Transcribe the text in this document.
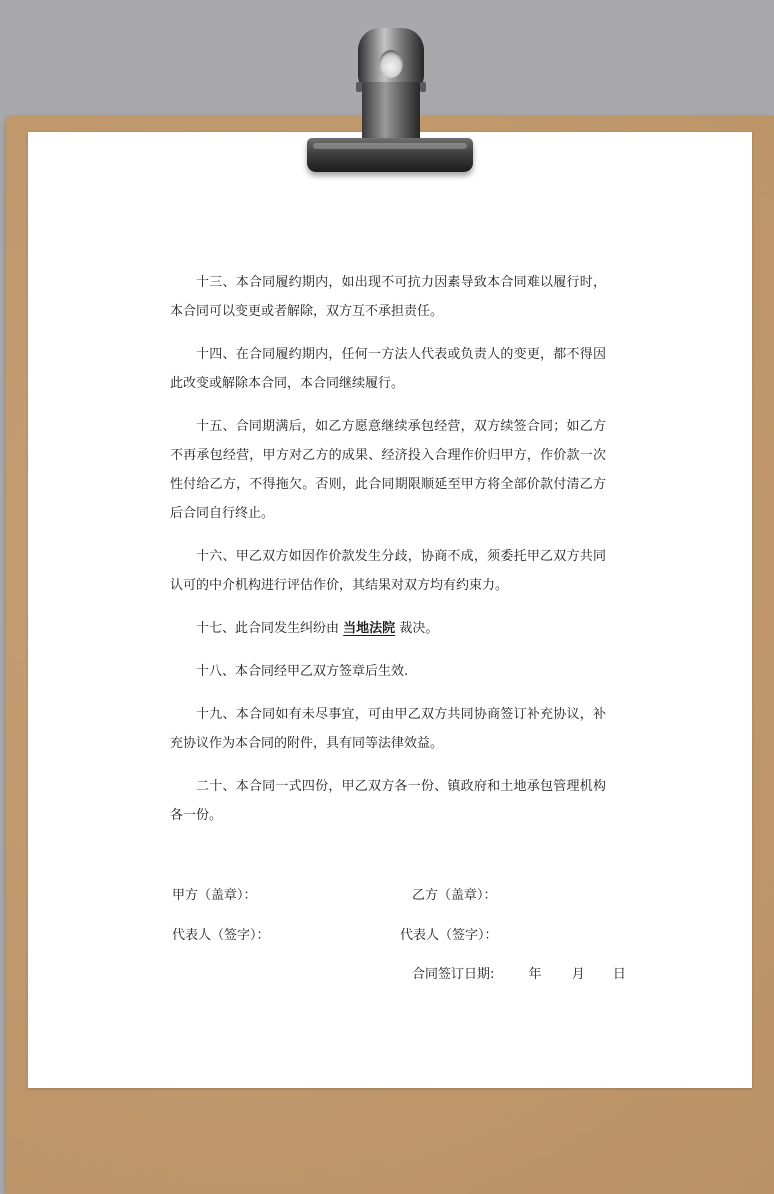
十三、本合同履约期内，如出现不可抗力因素导致本合同难以履行时，本合同可以变更或者解除，双方互不承担责任。

十四、在合同履约期内，任何一方法人代表或负责人的变更，都不得因此改变或解除本合同，本合同继续履行。

十五、合同期满后，如乙方愿意继续承包经营，双方续签合同；如乙方不再承包经营，甲方对乙方的成果、经济投入合理作价归甲方，作价款一次性付给乙方，不得拖欠。否则，此合同期限顺延至甲方将全部价款付清乙方后合同自行终止。

十六、甲乙双方如因作价款发生分歧，协商不成，须委托甲乙双方共同认可的中介机构进行评估作价，其结果对双方均有约束力。

十七、此合同发生纠纷由 当地法院 裁决。

十八、本合同经甲乙双方签章后生效.

十九、本合同如有未尽事宜，可由甲乙双方共同协商签订补充协议，补充协议作为本合同的附件，具有同等法律效益。

二十、本合同一式四份，甲乙双方各一份、镇政府和土地承包管理机构各一份。

甲方（盖章）：	乙方（盖章）：
代表人（签字）：	代表人（签字）：
合同签订日期:	年 月 日
